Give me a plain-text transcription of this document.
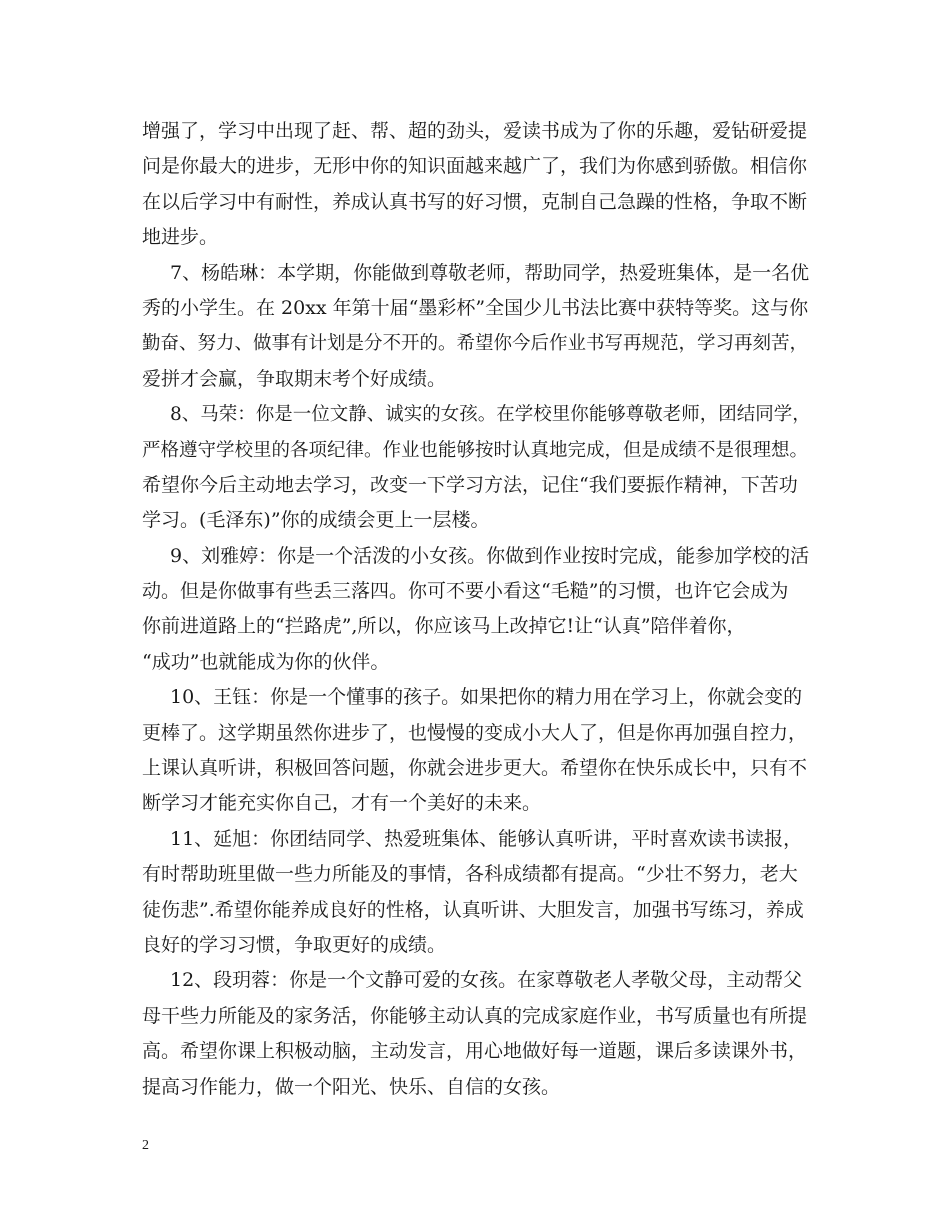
增强了，学习中出现了赶、帮、超的劲头，爱读书成为了你的乐趣，爱钻研爱提
问是你最大的进步，无形中你的知识面越来越广了，我们为你感到骄傲。相信你
在以后学习中有耐性，养成认真书写的好习惯，克制自己急躁的性格，争取不断
地进步。
7、杨皓琳：本学期，你能做到尊敬老师，帮助同学，热爱班集体，是一名优
秀的小学生。在 20xx 年第十届“墨彩杯”全国少儿书法比赛中获特等奖。这与你
勤奋、努力、做事有计划是分不开的。希望你今后作业书写再规范，学习再刻苦，
爱拼才会赢，争取期末考个好成绩。
8、马荣：你是一位文静、诚实的女孩。在学校里你能够尊敬老师，团结同学，
严格遵守学校里的各项纪律。作业也能够按时认真地完成，但是成绩不是很理想。
希望你今后主动地去学习，改变一下学习方法，记住“我们要振作精神，下苦功
学习。(毛泽东)”你的成绩会更上一层楼。
9、刘雅婷：你是一个活泼的小女孩。你做到作业按时完成，能参加学校的活
动。但是你做事有些丢三落四。你可不要小看这“毛糙”的习惯，也许它会成为
你前进道路上的“拦路虎”,所以，你应该马上改掉它!让“认真”陪伴着你，
“成功”也就能成为你的伙伴。
10、王钰：你是一个懂事的孩子。如果把你的精力用在学习上，你就会变的
更棒了。这学期虽然你进步了，也慢慢的变成小大人了，但是你再加强自控力，
上课认真听讲，积极回答问题，你就会进步更大。希望你在快乐成长中，只有不
断学习才能充实你自己，才有一个美好的未来。
11、延旭：你团结同学、热爱班集体、能够认真听讲，平时喜欢读书读报，
有时帮助班里做一些力所能及的事情，各科成绩都有提高。“少壮不努力，老大
徒伤悲”.希望你能养成良好的性格，认真听讲、大胆发言，加强书写练习，养成
良好的学习习惯，争取更好的成绩。
12、段玥蓉：你是一个文静可爱的女孩。在家尊敬老人孝敬父母，主动帮父
母干些力所能及的家务活，你能够主动认真的完成家庭作业，书写质量也有所提
高。希望你课上积极动脑，主动发言，用心地做好每一道题，课后多读课外书，
提高习作能力，做一个阳光、快乐、自信的女孩。
2
